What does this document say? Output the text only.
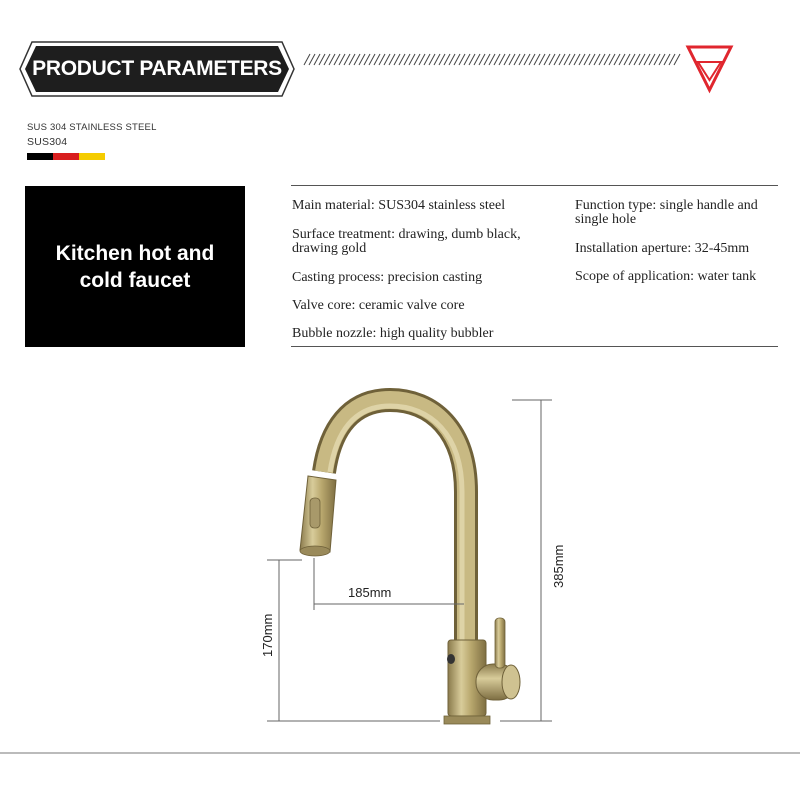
PRODUCT PARAMETERS
SUS 304 STAINLESS STEEL
SUS304
Kitchen hot and cold faucet
Main material: SUS304 stainless steel
Surface treatment: drawing, dumb black, drawing gold
Casting process: precision casting
Valve core: ceramic valve core
Bubble nozzle: high quality bubbler
Function type: single handle and single hole
Installation aperture: 32-45mm
Scope of application: water tank
185mm
385mm
170mm
